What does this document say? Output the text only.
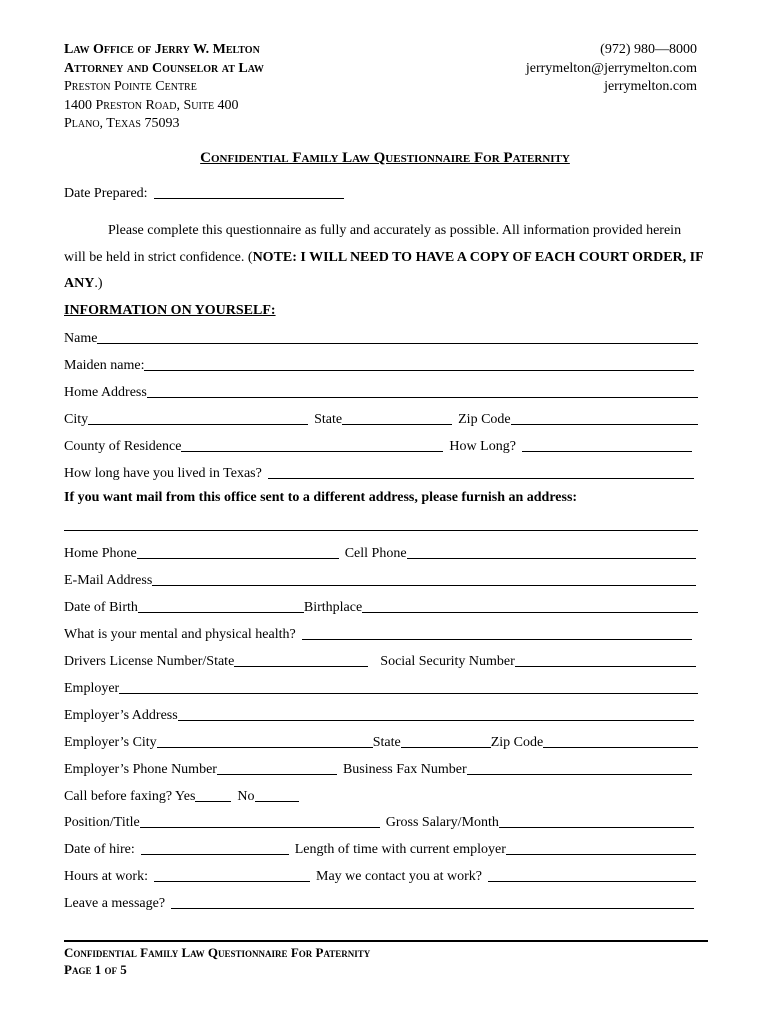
Law Office of Jerry W. Melton
Attorney and Counselor at Law
Preston Pointe Centre
1400 Preston Road, Suite 400
Plano, Texas 75093
(972) 980—8000
jerrymelton@jerrymelton.com
jerrymelton.com
Confidential Family Law Questionnaire For Paternity
Date Prepared:
Please complete this questionnaire as fully and accurately as possible. All information provided herein will be held in strict confidence. (NOTE: I WILL NEED TO HAVE A COPY OF EACH COURT ORDER, IF ANY.)
INFORMATION ON YOURSELF:
Name
Maiden name:
Home Address
City	State	Zip Code
County of Residence	How Long?
How long have you lived in Texas?
If you want mail from this office sent to a different address, please furnish an address:
Home Phone	Cell Phone
E-Mail Address
Date of Birth	Birthplace
What is your mental and physical health?
Drivers License Number/State	Social Security Number
Employer
Employer’s Address
Employer’s City	State	Zip Code
Employer’s Phone Number	Business Fax Number
Call before faxing? Yes	No
Position/Title	Gross Salary/Month
Date of hire:	Length of time with current employer
Hours at work:	May we contact you at work?
Leave a message?
Confidential Family Law Questionnaire For Paternity
Page 1 of 5
